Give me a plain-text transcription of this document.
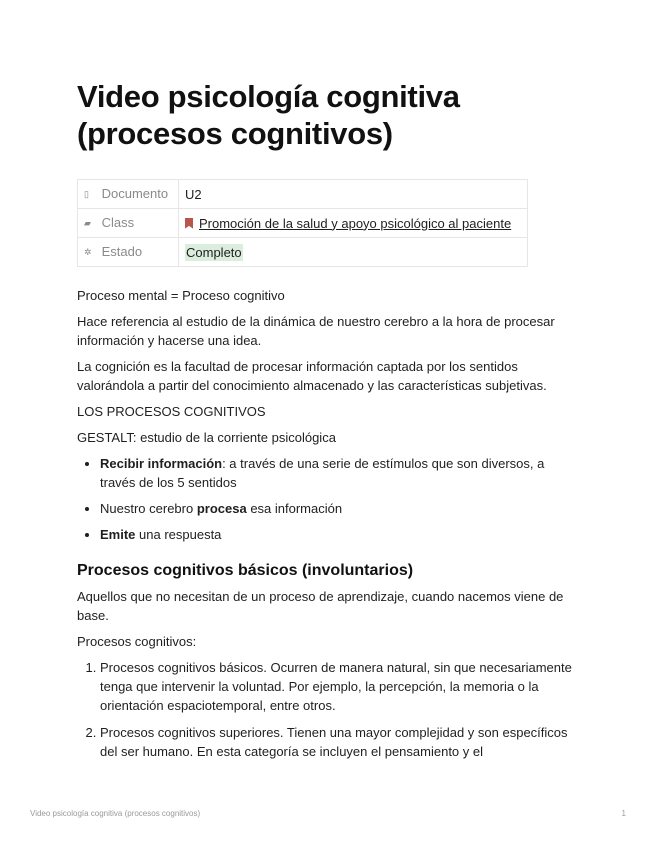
Video psicología cognitiva (procesos cognitivos)
▯ Documento	U2
▰ Class	Promoción de la salud y apoyo psicológico al paciente
✲ Estado	Completo

Proceso mental = Proceso cognitivo

Hace referencia al estudio de la dinámica de nuestro cerebro a la hora de procesar información y hacerse una idea.

La cognición es la facultad de procesar información captada por los sentidos valorándola a partir del conocimiento almacenado y las características subjetivas.

LOS PROCESOS COGNITIVOS

GESTALT: estudio de la corriente psicológica

• Recibir información: a través de una serie de estímulos que son diversos, a través de los 5 sentidos
• Nuestro cerebro procesa esa información
• Emite una respuesta
Procesos cognitivos básicos (involuntarios)

Aquellos que no necesitan de un proceso de aprendizaje, cuando nacemos viene de base.

Procesos cognitivos:

1. Procesos cognitivos básicos. Ocurren de manera natural, sin que necesariamente tenga que intervenir la voluntad. Por ejemplo, la percepción, la memoria o la orientación espaciotemporal, entre otros.
2. Procesos cognitivos superiores. Tienen una mayor complejidad y son específicos del ser humano. En esta categoría se incluyen el pensamiento y el
Video psicología cognitiva (procesos cognitivos)	1
